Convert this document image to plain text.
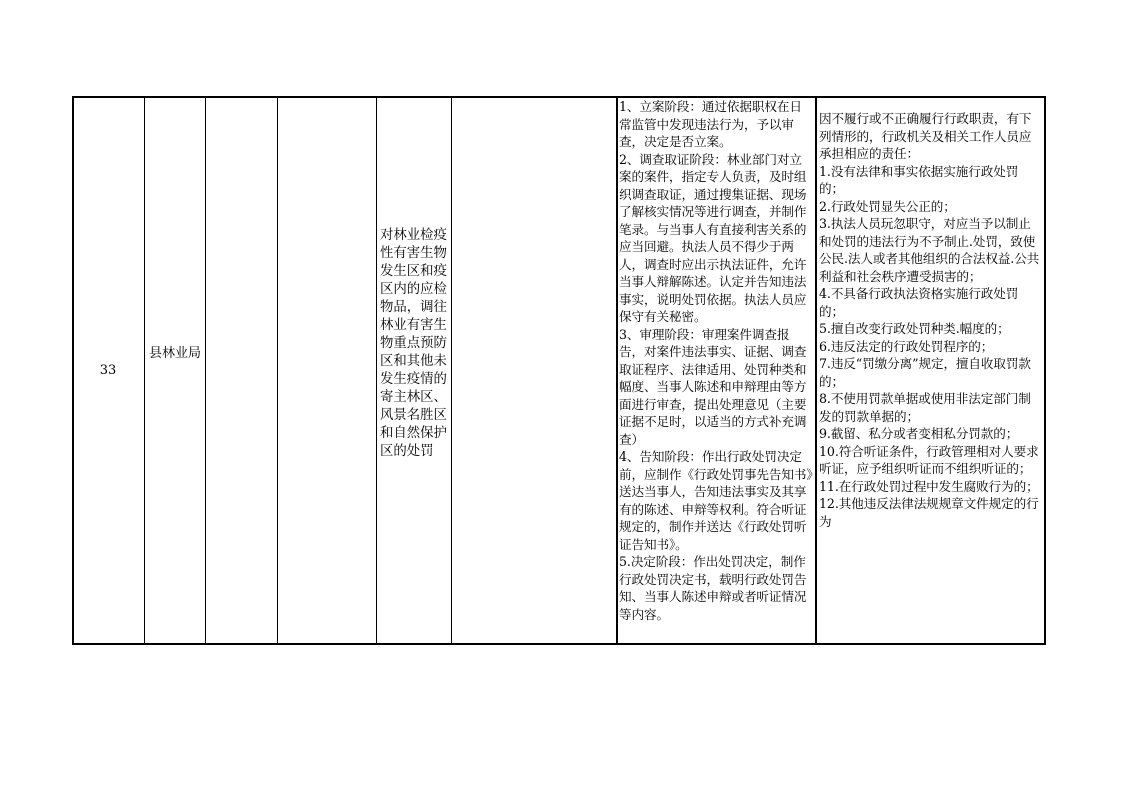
33
县林业局
对林业检疫性有害生物发生区和疫区内的应检物品，调往林业有害生物重点预防区和其他未发生疫情的寄主林区、风景名胜区和自然保护区的处罚
1、立案阶段：通过依据职权在日常监管中发现违法行为，予以审查，决定是否立案。
2、调查取证阶段：林业部门对立案的案件，指定专人负责，及时组织调查取证，通过搜集证据、现场了解核实情况等进行调查，并制作笔录。与当事人有直接利害关系的应当回避。执法人员不得少于两人，调查时应出示执法证件，允许当事人辩解陈述。认定并告知违法事实，说明处罚依据。执法人员应保守有关秘密。
3、审理阶段：审理案件调查报告，对案件违法事实、证据、调查取证程序、法律适用、处罚种类和幅度、当事人陈述和申辩理由等方面进行审查，提出处理意见（主要证据不足时，以适当的方式补充调查）
4、告知阶段：作出行政处罚决定前，应制作《行政处罚事先告知书》送达当事人，告知违法事实及其享有的陈述、申辩等权利。符合听证规定的，制作并送达《行政处罚听证告知书》。
5.决定阶段：作出处罚决定，制作行政处罚决定书，载明行政处罚告知、当事人陈述申辩或者听证情况等内容。
因不履行或不正确履行行政职责，有下列情形的，行政机关及相关工作人员应承担相应的责任：
1.没有法律和事实依据实施行政处罚的；
2.行政处罚显失公正的；
3.执法人员玩忽职守，对应当予以制止和处罚的违法行为不予制止.处罚，致使公民.法人或者其他组织的合法权益.公共利益和社会秩序遭受损害的；
4.不具备行政执法资格实施行政处罚的；
5.擅自改变行政处罚种类.幅度的；
6.违反法定的行政处罚程序的；
7.违反“罚缴分离”规定，擅自收取罚款的；
8.不使用罚款单据或使用非法定部门制发的罚款单据的；
9.截留、私分或者变相私分罚款的；
10.符合听证条件，行政管理相对人要求听证，应予组织听证而不组织听证的；
11.在行政处罚过程中发生腐败行为的；
12.其他违反法律法规规章文件规定的行为
